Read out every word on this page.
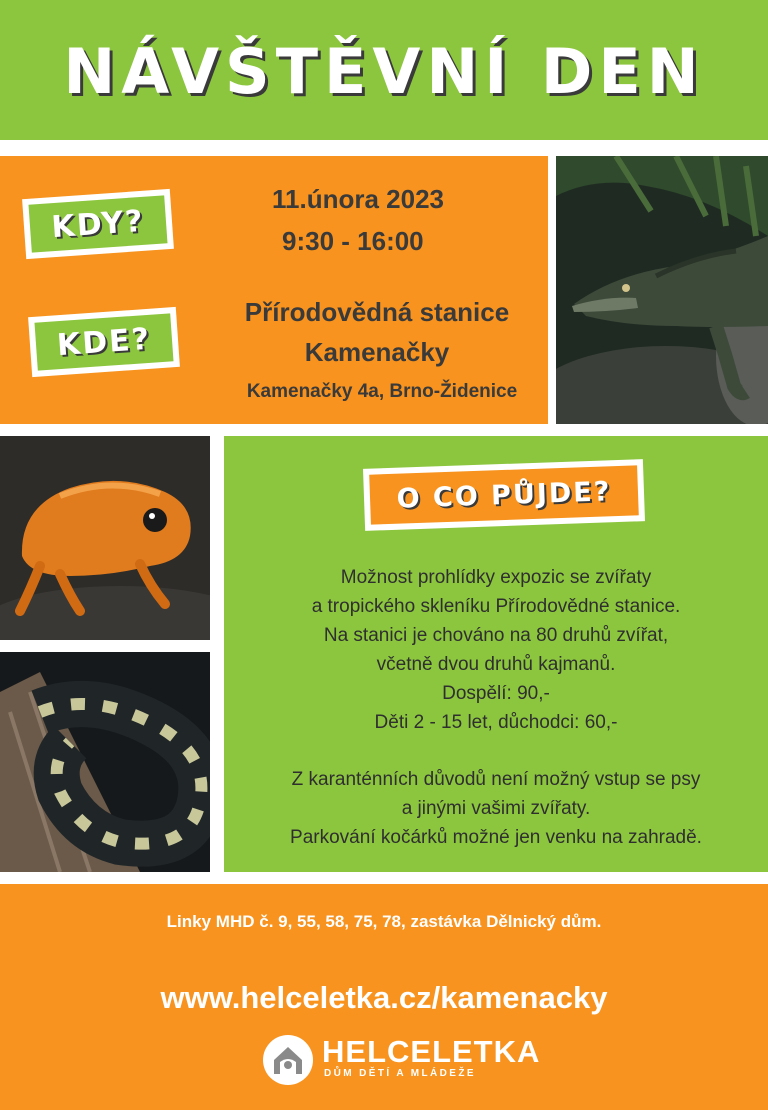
NÁVŠTĚVNÍ DEN
KDY?
KDE?
11.února 2023
9:30 - 16:00
Přírodovědná stanice
Kamenačky
Kamenačky 4a, Brno-Židenice
O CO PŮJDE?
Možnost prohlídky expozic se zvířaty
a tropického skleníku Přírodovědné stanice.
Na stanici je chováno na 80 druhů zvířat,
včetně dvou druhů kajmanů.
Dospělí: 90,-
Děti 2 - 15 let, důchodci: 60,-
Z karanténních důvodů není možný vstup se psy
a jinými vašimi zvířaty.
Parkování kočárků možné jen venku na zahradě.
Linky MHD č. 9, 55, 58, 75, 78, zastávka Dělnický dům.
www.helceletka.cz/kamenacky
HELCELETKA
DŮM DĚTÍ A MLÁDEŽE
